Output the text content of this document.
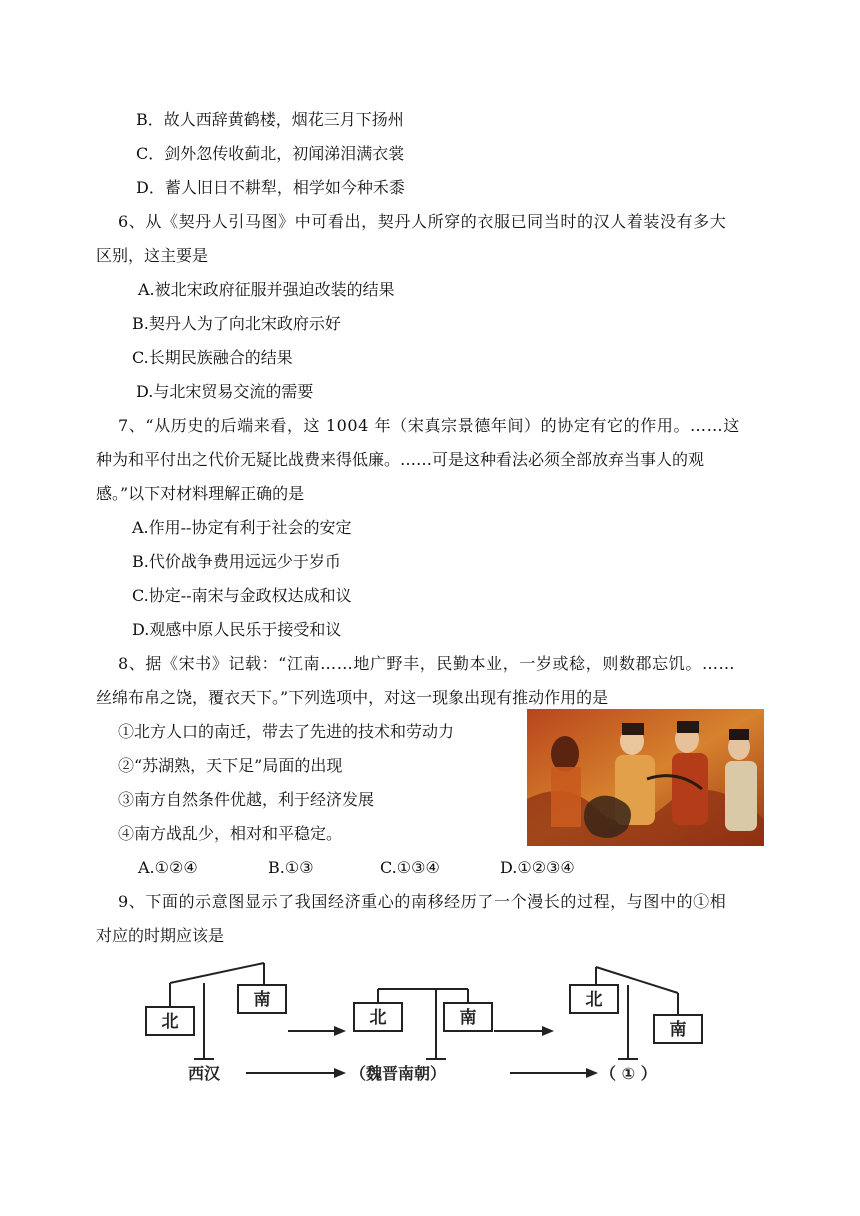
B．故人西辞黄鹤楼，烟花三月下扬州
C．剑外忽传收蓟北，初闻涕泪满衣裳
D．蓄人旧日不耕犁，相学如今种禾黍
6、从《契丹人引马图》中可看出，契丹人所穿的衣服已同当时的汉人着装没有多大
区别，这主要是
A.被北宋政府征服并强迫改装的结果
B.契丹人为了向北宋政府示好
C.长期民族融合的结果
D.与北宋贸易交流的需要
7、“从历史的后端来看，这 1004 年（宋真宗景德年间）的协定有它的作用。……这
种为和平付出之代价无疑比战费来得低廉。……可是这种看法必须全部放弃当事人的观
感。”以下对材料理解正确的是
A.作用--协定有利于社会的安定
B.代价战争费用远远少于岁币
C.协定--南宋与金政权达成和议
D.观感中原人民乐于接受和议
8、据《宋书》记载：“江南……地广野丰，民勤本业，一岁或稔，则数郡忘饥。……
丝绵布帛之饶，覆衣天下。”下列选项中，对这一现象出现有推动作用的是
①北方人口的南迁，带去了先进的技术和劳动力
②“苏湖熟，天下足”局面的出现
③南方自然条件优越，利于经济发展
④南方战乱少，相对和平稳定。
A.①②④	B.①③	C.①③④	D.①②③④
9、下面的示意图显示了我国经济重心的南移经历了一个漫长的过程，与图中的①相
对应的时期应该是
北
南
北	南
北
南
西汉	（魏晋南朝）	（ ① ）
